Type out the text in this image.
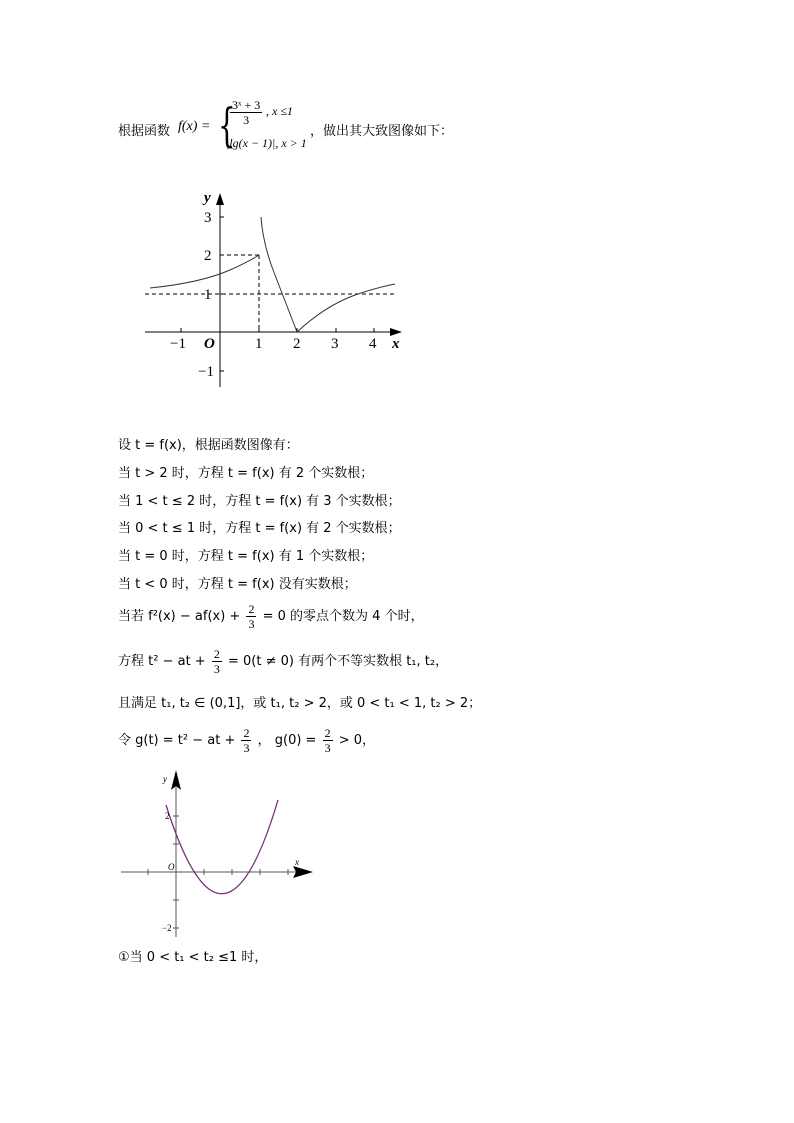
根据函数 f(x) = {
$\frac{\text{3ˣ + 3}}{3}$ , x ≤1
|lg(x − 1)|, x > 1
，做出其大致图像如下：
y
x
O
−1	1 2 3 4
3
2
1
−1
设 t = f(x)，根据函数图像有：
当 t > 2 时，方程 t = f(x) 有 2 个实数根；
当 1 < t ≤ 2 时，方程 t = f(x) 有 3 个实数根；
当 0 < t ≤ 1 时，方程 t = f(x) 有 2 个实数根；
当 t = 0 时，方程 t = f(x) 有 1 个实数根；
当 t < 0 时，方程 t = f(x) 没有实数根；
当若 $f^2(x) - af(x) + \frac{2}{3} = 0$ 的零点个数为 4 个时，
方程 t² − at + $\frac{2}{3} = 0(t \ne 0)$ 有两个不等实数根 t₁, t₂，
且满足 t₁, t₂ ∈ (0,1]，或 t₁, t₂ > 2，或 0 < t₁ < 1, t₂ > 2；
令 g(t) = t² − at + $\frac{2}{3}$ ， $g(0) = \frac{2}{3} > 0$，
y
x
O
2
−2
①当 0 < t₁ < t₂ ≤1 时，
